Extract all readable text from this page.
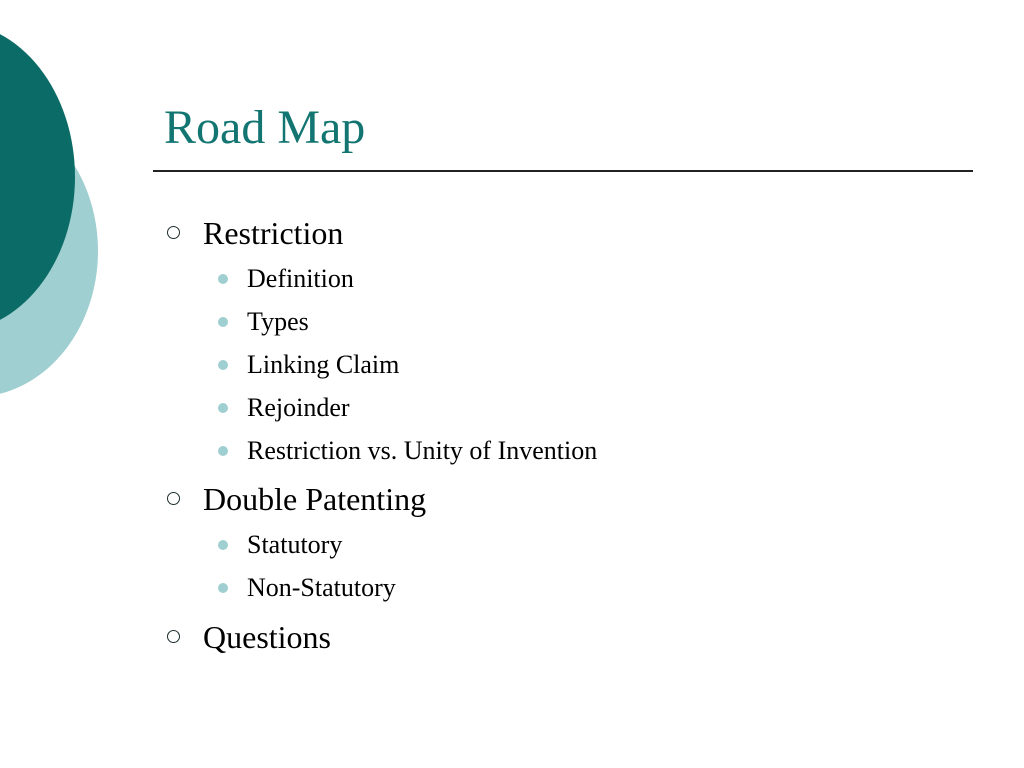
Road Map
Restriction
Definition
Types
Linking Claim
Rejoinder
Restriction vs. Unity of Invention
Double Patenting
Statutory
Non-Statutory
Questions
